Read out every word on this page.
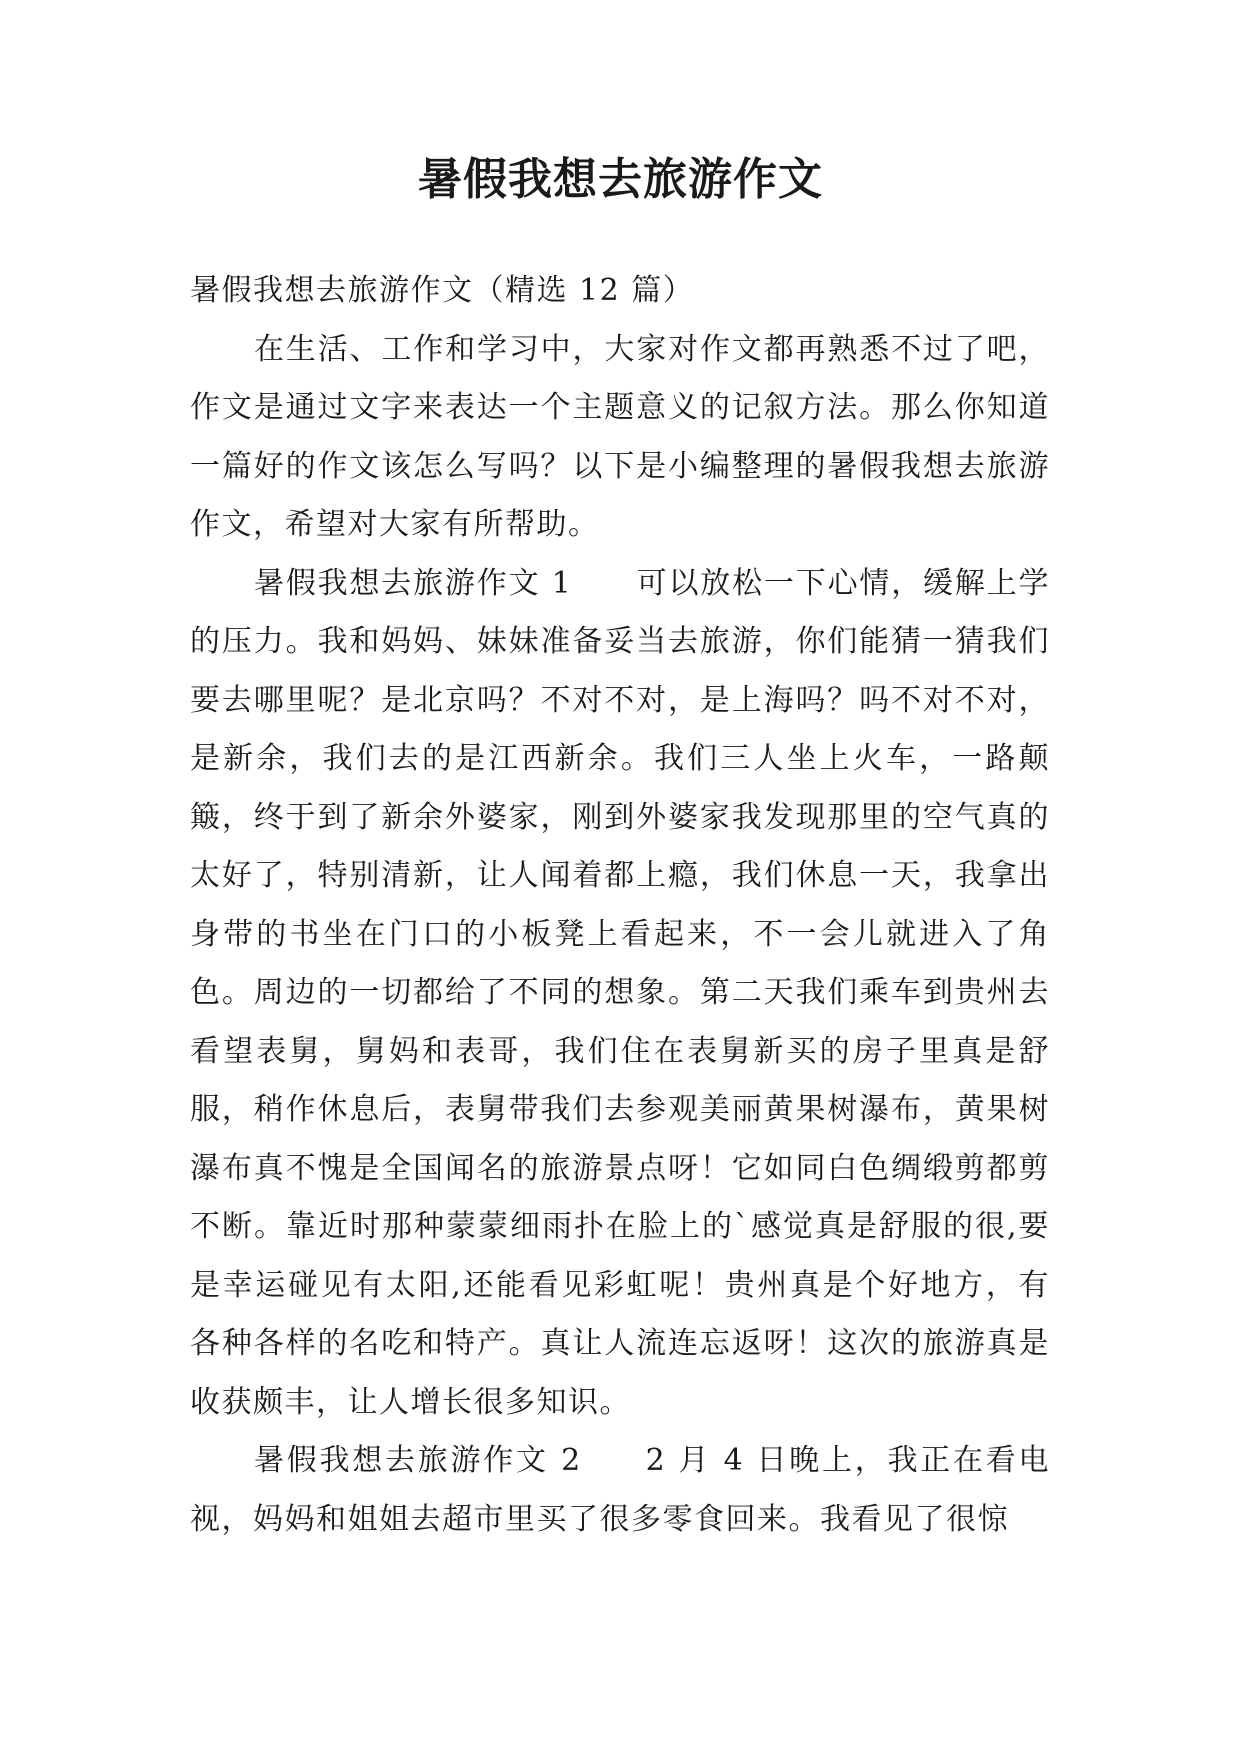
暑假我想去旅游作文

暑假我想去旅游作文（精选 12 篇）

在生活、工作和学习中，大家对作文都再熟悉不过了吧，作文是通过文字来表达一个主题意义的记叙方法。那么你知道一篇好的作文该怎么写吗？以下是小编整理的暑假我想去旅游作文，希望对大家有所帮助。

暑假我想去旅游作文 1 可以放松一下心情，缓解上学的压力。我和妈妈、妹妹准备妥当去旅游，你们能猜一猜我们要去哪里呢？是北京吗？不对不对，是上海吗？吗不对不对，是新余，我们去的是江西新余。我们三人坐上火车，一路颠簸，终于到了新余外婆家，刚到外婆家我发现那里的空气真的太好了，特别清新，让人闻着都上瘾，我们休息一天，我拿出身带的书坐在门口的小板凳上看起来，不一会儿就进入了角色。周边的一切都给了不同的想象。第二天我们乘车到贵州去看望表舅，舅妈和表哥，我们住在表舅新买的房子里真是舒服，稍作休息后，表舅带我们去参观美丽黄果树瀑布，黄果树瀑布真不愧是全国闻名的旅游景点呀！它如同白色绸缎剪都剪不断。靠近时那种蒙蒙细雨扑在脸上的`感觉真是舒服的很,要是幸运碰见有太阳,还能看见彩虹呢！贵州真是个好地方，有各种各样的名吃和特产。真让人流连忘返呀！这次的旅游真是收获颇丰，让人增长很多知识。

暑假我想去旅游作文 2 2 月 4 日晚上，我正在看电视，妈妈和姐姐去超市里买了很多零食回来。我看见了很惊
